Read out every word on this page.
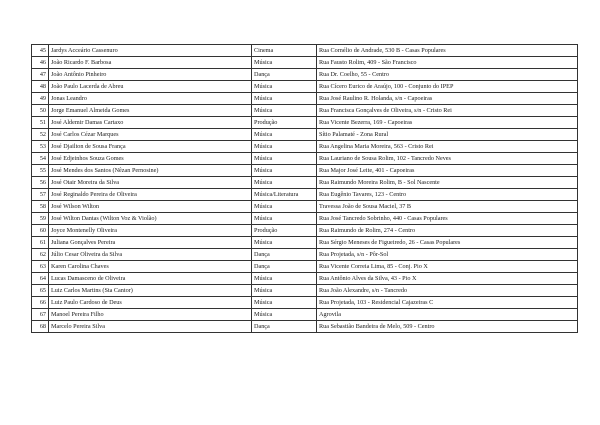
45	Jardys Acceário Cassenuro	Cinema	Rua Cornélio de Andrade, 530 B - Casas Populares
46	João Ricardo F. Barbosa	Música	Rua Fausto Rolim, 409 - São Francisco
47	João Antônio Pinheiro	Dança	Rua Dr. Coelho, 55 - Centro
48	João Paulo Lacerda de Abreu	Música	Rua Cícero Eurico de Araújo, 100 - Conjunto do IPEP
49	Jonas Leandro	Música	Rua José Raulino R. Holanda, s/n - Capoeiras
50	Jorge Emanuel Almeida Gomes	Música	Rua Francisca Gonçalves de Oliveira, s/n - Cristo Rei
51	José Aldemir Damas Cartaxo	Produção	Rua Vicente Bezerra, 169 - Capoeiras
52	José Carlos Cézar Marques	Música	Sítio Palamaté - Zona Rural
53	José Djailton de Sousa França	Música	Rua Angelina Maria Moreira, 563 - Cristo Rei
54	José Edjeinhos Souza Gomes	Música	Rua Lauriano de Sousa Rolim, 102 - Tancredo Neves
55	José Mendes dos Santos (Nêzan Pernosine)	Música	Rua Major José Leite, 401 - Capoeiras
56	José Otair Moreira da Silva	Música	Rua Raimundo Moreira Rolim, B - Sol Nascente
57	José Reginaldo Pereira de Oliveira	Música/Literatura	Rua Eugênio Tavares, 123 - Centro
58	José Wilson Wilton	Música	Travessa João de Sousa Maciel, 37 B
59	José Wilton Dantas (Wilton Voz & Violão)	Música	Rua José Tancredo Sobrinho, 440 - Casas Populares
60	Joyce Montenelly Oliveira	Produção	Rua Raimundo de Rolim, 274 - Centro
61	Juliana Gonçalves Pereira	Música	Rua Sérgio Meneses de Figueiredo, 26 - Casas Populares
62	Júlio Cesar Oliveira da Silva	Dança	Rua Projetada, s/n - Pôr-Sol
63	Karen Carolina Chaves	Dança	Rua Vicente Correia Lima, 85 - Conj. Pio X
64	Lucas Damasceno de Oliveira	Música	Rua Antônio Alves da Silva, 43 - Pio X
65	Luiz Carlos Martins (Sta Cantor)	Música	Rua João Alexandre, s/n - Tancredo
66	Luiz Paulo Cardoso de Deus	Música	Rua Projetada, 103 - Residencial Cajazeiras C
67	Manoel Pereira Filho	Música	Agrovila
68	Marcelo Pereira Silva	Dança	Rua Sebastião Bandeira de Melo, 509 - Centro
